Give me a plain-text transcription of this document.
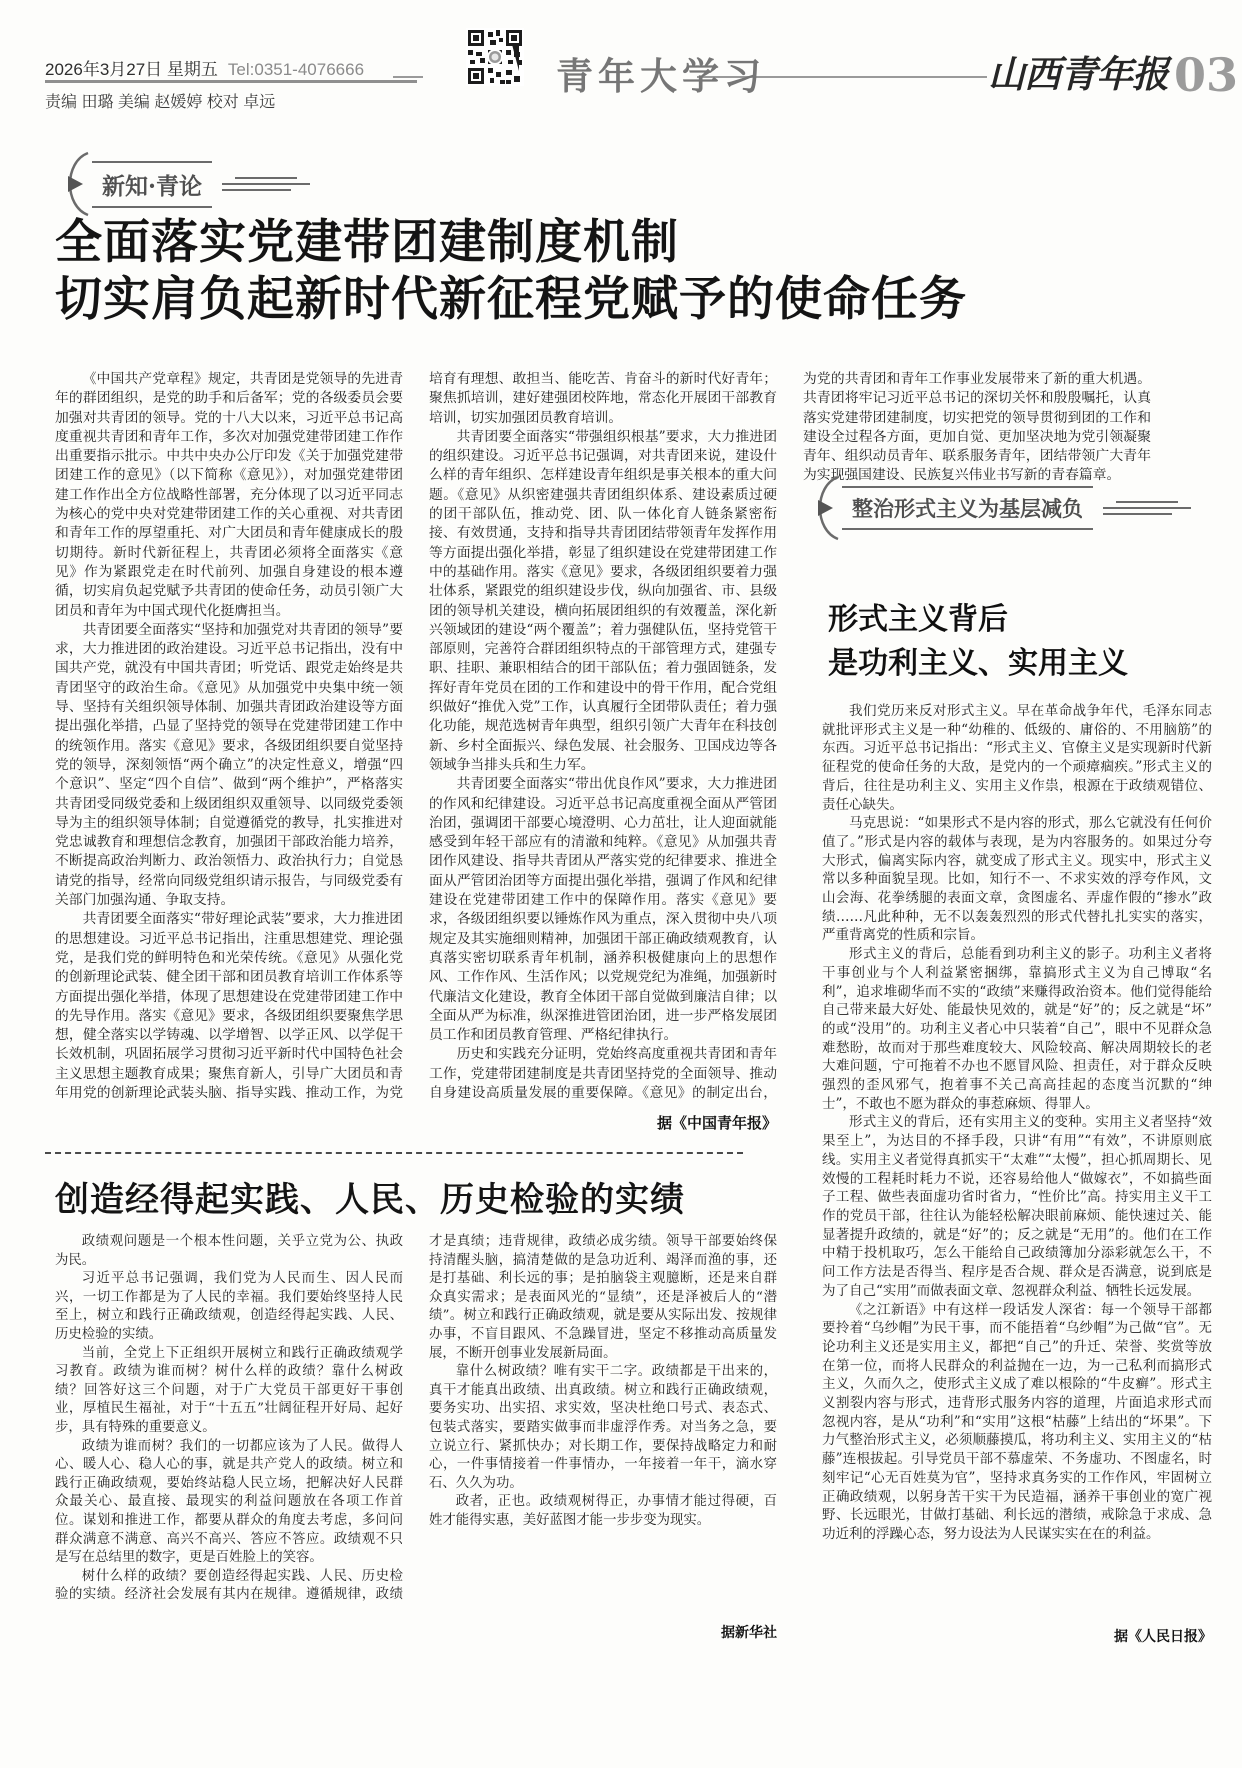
2026年3月27日 星期五 Tel:0351-4076666
责编 田璐 美编 赵媛婷 校对 卓远
青年大学习	山西青年报 03
新知·青论
全面落实党建带团建制度机制
切实肩负起新时代新征程党赋予的使命任务

《中国共产党章程》规定，共青团是党领导的先进青年的群团组织，是党的助手和后备军；党的各级委员会要加强对共青团的领导。党的十八大以来，习近平总书记高度重视共青团和青年工作，多次对加强党建带团建工作作出重要指示批示。中共中央办公厅印发《关于加强党建带团建工作的意见》（以下简称《意见》），对加强党建带团建工作作出全方位战略性部署，充分体现了以习近平同志为核心的党中央对党建带团建工作的关心重视、对共青团和青年工作的厚望重托、对广大团员和青年健康成长的殷切期待。新时代新征程上，共青团必须将全面落实《意见》作为紧跟党走在时代前列、加强自身建设的根本遵循，切实肩负起党赋予共青团的使命任务，动员引领广大团员和青年为中国式现代化挺膺担当。

共青团要全面落实“坚持和加强党对共青团的领导”要求，大力推进团的政治建设。习近平总书记指出，没有中国共产党，就没有中国共青团；听党话、跟党走始终是共青团坚守的政治生命。《意见》从加强党中央集中统一领导、坚持有关组织领导体制、加强共青团政治建设等方面提出强化举措，凸显了坚持党的领导在党建带团建工作中的统领作用。落实《意见》要求，各级团组织要自觉坚持党的领导，深刻领悟“两个确立”的决定性意义，增强“四个意识”、坚定“四个自信”、做到“两个维护”，严格落实共青团受同级党委和上级团组织双重领导、以同级党委领导为主的组织领导体制；自觉遵循党的教导，扎实推进对党忠诚教育和理想信念教育，加强团干部政治能力培养，不断提高政治判断力、政治领悟力、政治执行力；自觉恳请党的指导，经常向同级党组织请示报告，与同级党委有关部门加强沟通、争取支持。

共青团要全面落实“带好理论武装”要求，大力推进团的思想建设。习近平总书记指出，注重思想建党、理论强党，是我们党的鲜明特色和光荣传统。《意见》从强化党的创新理论武装、健全团干部和团员教育培训工作体系等方面提出强化举措，体现了思想建设在党建带团建工作中的先导作用。落实《意见》要求，各级团组织要聚焦学思想，健全落实以学铸魂、以学增智、以学正风、以学促干长效机制，巩固拓展学习贯彻习近平新时代中国特色社会主义思想主题教育成果；聚焦育新人，引导广大团员和青年用党的创新理论武装头脑、指导实践、推动工作，为党培育有理想、敢担当、能吃苦、肯奋斗的新时代好青年；聚焦抓培训，建好建强团校阵地，常态化开展团干部教育培训，切实加强团员教育培训。

共青团要全面落实“带强组织根基”要求，大力推进团的组织建设。习近平总书记强调，对共青团来说，建设什么样的青年组织、怎样建设青年组织是事关根本的重大问题。《意见》从织密建强共青团组织体系、建设素质过硬的团干部队伍，推动党、团、队一体化育人链条紧密衔接、有效贯通，支持和指导共青团团结带领青年发挥作用等方面提出强化举措，彰显了组织建设在党建带团建工作中的基础作用。落实《意见》要求，各级团组织要着力强壮体系，紧跟党的组织建设步伐，纵向加强省、市、县级团的领导机关建设，横向拓展团组织的有效覆盖，深化新兴领域团的建设“两个覆盖”；着力强健队伍，坚持党管干部原则，完善符合群团组织特点的干部管理方式，建强专职、挂职、兼职相结合的团干部队伍；着力强固链条，发挥好青年党员在团的工作和建设中的骨干作用，配合党组织做好“推优入党”工作，认真履行全团带队责任；着力强化功能，规范选树青年典型，组织引领广大青年在科技创新、乡村全面振兴、绿色发展、社会服务、卫国戍边等各领域争当排头兵和生力军。

共青团要全面落实“带出优良作风”要求，大力推进团的作风和纪律建设。习近平总书记高度重视全面从严管团治团，强调团干部要心境澄明、心力茁壮，让人迎面就能感受到年轻干部应有的清澈和纯粹。《意见》从加强共青团作风建设、指导共青团从严落实党的纪律要求、推进全面从严管团治团等方面提出强化举措，强调了作风和纪律建设在党建带团建工作中的保障作用。落实《意见》要求，各级团组织要以锤炼作风为重点，深入贯彻中央八项规定及其实施细则精神，加强团干部正确政绩观教育，认真落实密切联系青年机制，涵养积极健康向上的思想作风、工作作风、生活作风；以党规党纪为准绳，加强新时代廉洁文化建设，教育全体团干部自觉做到廉洁自律；以全面从严为标准，纵深推进管团治团，进一步严格发展团员工作和团员教育管理、严格纪律执行。

历史和实践充分证明，党始终高度重视共青团和青年工作，党建带团建制度是共青团坚持党的全面领导、推动自身建设高质量发展的重要保障。《意见》的制定出台，为党的共青团和青年工作事业发展带来了新的重大机遇。共青团将牢记习近平总书记的深切关怀和殷殷嘱托，认真落实党建带团建制度，切实把党的领导贯彻到团的工作和建设全过程各方面，更加自觉、更加坚决地为党引领凝聚青年、组织动员青年、联系服务青年，团结带领广大青年为实现强国建设、民族复兴伟业书写新的青春篇章。

据《中国青年报》
创造经得起实践、人民、历史检验的实绩

政绩观问题是一个根本性问题，关乎立党为公、执政为民。

习近平总书记强调，我们党为人民而生、因人民而兴，一切工作都是为了人民的幸福。我们要始终坚持人民至上，树立和践行正确政绩观，创造经得起实践、人民、历史检验的实绩。

当前，全党上下正组织开展树立和践行正确政绩观学习教育。政绩为谁而树？树什么样的政绩？靠什么树政绩？回答好这三个问题，对于广大党员干部更好干事创业，厚植民生福祉，对于“十五五”壮阔征程开好局、起好步，具有特殊的重要意义。

政绩为谁而树？我们的一切都应该为了人民。做得人心、暖人心、稳人心的事，就是共产党人的政绩。树立和践行正确政绩观，要始终站稳人民立场，把解决好人民群众最关心、最直接、最现实的利益问题放在各项工作首位。谋划和推进工作，都要从群众的角度去考虑，多问问群众满意不满意、高兴不高兴、答应不答应。政绩观不只是写在总结里的数字，更是百姓脸上的笑容。

树什么样的政绩？要创造经得起实践、人民、历史检验的实绩。经济社会发展有其内在规律。遵循规律，政绩才是真绩；违背规律，政绩必成劣绩。领导干部要始终保持清醒头脑，搞清楚做的是急功近利、竭泽而渔的事，还是打基础、利长远的事；是拍脑袋主观臆断，还是来自群众真实需求；是表面风光的“显绩”，还是泽被后人的“潜绩”。树立和践行正确政绩观，就是要从实际出发、按规律办事，不盲目跟风、不急躁冒进，坚定不移推动高质量发展，不断开创事业发展新局面。

靠什么树政绩？唯有实干二字。政绩都是干出来的，真干才能真出政绩、出真政绩。树立和践行正确政绩观，要务实功、出实招、求实效，坚决杜绝口号式、表态式、包装式落实，要踏实做事而非虚浮作秀。对当务之急，要立说立行、紧抓快办；对长期工作，要保持战略定力和耐心，一件事情接着一件事情办，一年接着一年干，滴水穿石、久久为功。

政者，正也。政绩观树得正，办事情才能过得硬，百姓才能得实惠，美好蓝图才能一步步变为现实。

据新华社
整治形式主义为基层减负
形式主义背后
是功利主义、实用主义

我们党历来反对形式主义。早在革命战争年代，毛泽东同志就批评形式主义是一种“幼稚的、低级的、庸俗的、不用脑筋”的东西。习近平总书记指出：“形式主义、官僚主义是实现新时代新征程党的使命任务的大敌，是党内的一个顽瘴痼疾。”形式主义的背后，往往是功利主义、实用主义作祟，根源在于政绩观错位、责任心缺失。

马克思说：“如果形式不是内容的形式，那么它就没有任何价值了。”形式是内容的载体与表现，是为内容服务的。如果过分夸大形式，偏离实际内容，就变成了形式主义。现实中，形式主义常以多种面貌呈现。比如，知行不一、不求实效的浮夸作风，文山会海、花拳绣腿的表面文章，贪图虚名、弄虚作假的“掺水”政绩……凡此种种，无不以轰轰烈烈的形式代替扎扎实实的落实，严重背离党的性质和宗旨。

形式主义的背后，总能看到功利主义的影子。功利主义者将干事创业与个人利益紧密捆绑，靠搞形式主义为自己博取“名利”，追求堆砌华而不实的“政绩”来赚得政治资本。他们觉得能给自己带来最大好处、能最快见效的，就是“好”的；反之就是“坏”的或“没用”的。功利主义者心中只装着“自己”，眼中不见群众急难愁盼，故而对于那些难度较大、风险较高、解决周期较长的老大难问题，宁可拖着不办也不愿冒风险、担责任，对于群众反映强烈的歪风邪气，抱着事不关己高高挂起的态度当沉默的“绅士”，不敢也不愿为群众的事惹麻烦、得罪人。

形式主义的背后，还有实用主义的变种。实用主义者坚持“效果至上”，为达目的不择手段，只讲“有用”“有效”，不讲原则底线。实用主义者觉得真抓实干“太难”“太慢”，担心抓周期长、见效慢的工程耗时耗力不说，还容易给他人“做嫁衣”，不如搞些面子工程、做些表面虚功省时省力，“性价比”高。持实用主义干工作的党员干部，往往认为能轻松解决眼前麻烦、能快速过关、能显著提升政绩的，就是“好”的；反之就是“无用”的。他们在工作中精于投机取巧，怎么干能给自己政绩簿加分添彩就怎么干，不问工作方法是否得当、程序是否合规、群众是否满意，说到底是为了自己“实用”而做表面文章、忽视群众利益、牺牲长远发展。

《之江新语》中有这样一段话发人深省：每一个领导干部都要拎着“乌纱帽”为民干事，而不能捂着“乌纱帽”为己做“官”。无论功利主义还是实用主义，都把“自己”的升迁、荣誉、奖赏等放在第一位，而将人民群众的利益抛在一边，为一己私利而搞形式主义，久而久之，使形式主义成了难以根除的“牛皮癣”。形式主义割裂内容与形式，违背形式服务内容的道理，片面追求形式而忽视内容，是从“功利”和“实用”这根“枯藤”上结出的“坏果”。下力气整治形式主义，必须顺藤摸瓜，将功利主义、实用主义的“枯藤”连根拔起。引导党员干部不慕虚荣、不务虚功、不图虚名，时刻牢记“心无百姓莫为官”，坚持求真务实的工作作风，牢固树立正确政绩观，以躬身苦干实干为民造福，涵养干事创业的宽广视野、长远眼光，甘做打基础、利长远的潜绩，戒除急于求成、急功近利的浮躁心态，努力设法为人民谋实实在在的利益。

据《人民日报》
